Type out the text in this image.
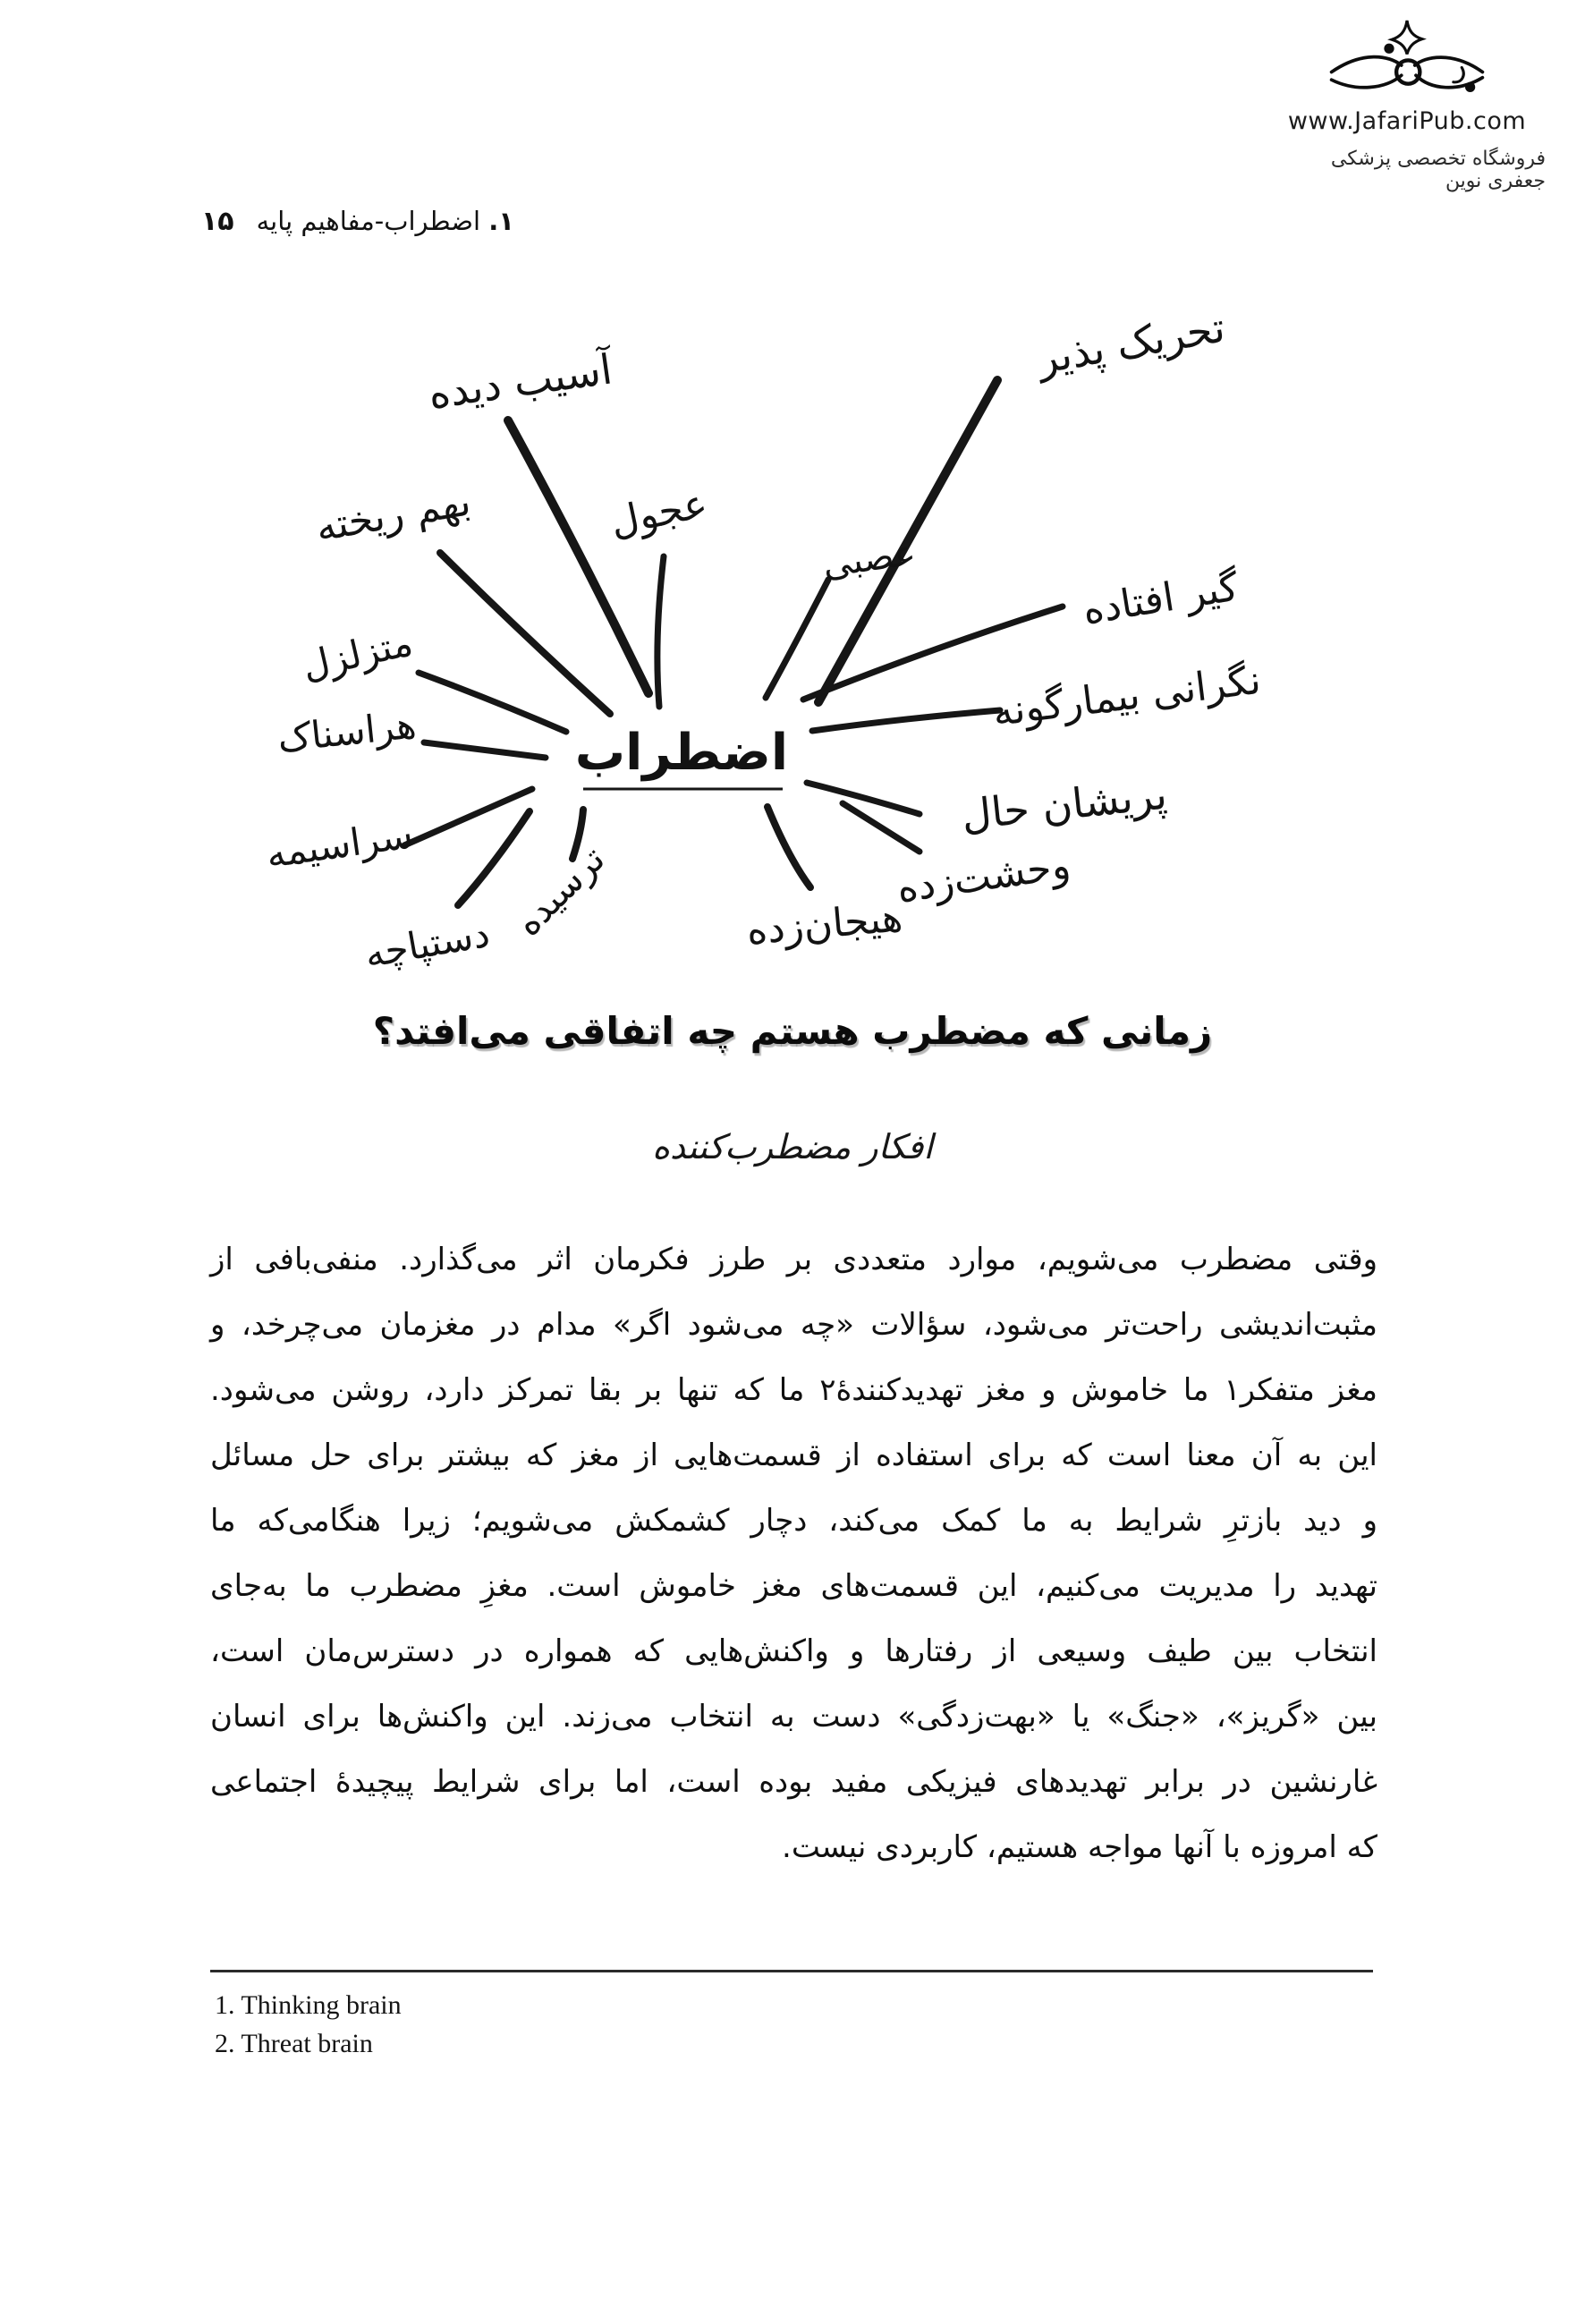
www.JafariPub.com
فروشگاه تخصصی پزشکی جعفری نوین
۱. اضطراب-مفاهیم پایه
۱۵
اضطراب
تحریک پذیر
آسیب دیده
عجول
بهم ریخته
عصبی
گیر افتاده
متزلزل
نگرانی بیمارگونه
هراسناک
پریشان حال
سراسیمه	ترسیده
دستپاچه	هیجان‌زده
وحشت‌زده
زمانی که مضطرب هستم چه اتفاقی می‌افتد؟
افکار مضطرب‌کننده
وقتی مضطرب می‌شویم، موارد متعددی بر طرز فکرمان اثر می‌گذارد. منفی‌بافی از
مثبت‌اندیشی راحت‌تر می‌شود، سؤالات «چه می‌شود اگر» مدام در مغزمان می‌چرخد، و
مغز متفکر۱ ما خاموش و مغز تهدیدکنندهٔ۲ ما که تنها بر بقا تمرکز دارد، روشن می‌شود.
این به آن معنا است که برای استفاده از قسمت‌هایی از مغز که بیشتر برای حل مسائل
و دید بازترِ شرایط به ما کمک می‌کند، دچار کشمکش می‌شویم؛ زیرا هنگامی‌که ما
تهدید را مدیریت می‌کنیم، این قسمت‌های مغز خاموش است. مغزِ مضطرب ما به‌جای
انتخاب بین طیف وسیعی از رفتارها و واکنش‌هایی که همواره در دسترس‌مان است،
بین «گریز»، «جنگ» یا «بهت‌زدگی» دست به انتخاب می‌زند. این واکنش‌ها برای انسان
غارنشین در برابر تهدیدهای فیزیکی مفید بوده است، اما برای شرایط پیچیدهٔ اجتماعی
که امروزه با آنها مواجه هستیم، کاربردی نیست.
1. Thinking brain
2. Threat brain
